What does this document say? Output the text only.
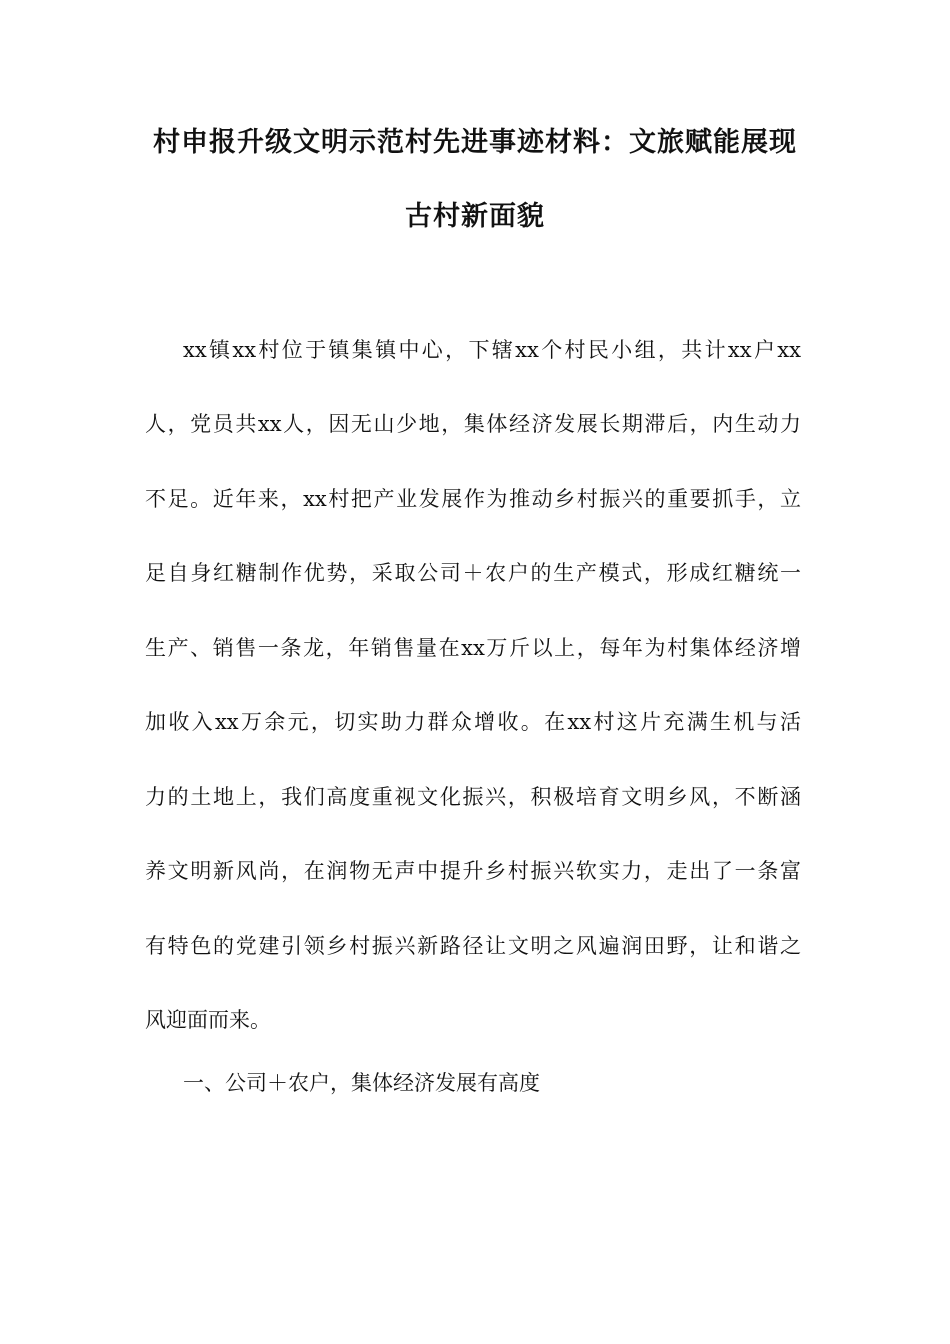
村申报升级文明示范村先进事迹材料：文旅赋能展现
古村新面貌
xx镇xx村位于镇集镇中心，下辖xx个村民小组，共计xx户xx
人，党员共xx人，因无山少地，集体经济发展长期滞后，内生动力
不足。近年来，xx村把产业发展作为推动乡村振兴的重要抓手，立
足自身红糖制作优势，采取公司＋农户的生产模式，形成红糖统一
生产、销售一条龙，年销售量在xx万斤以上，每年为村集体经济增
加收入xx万余元，切实助力群众增收。在xx村这片充满生机与活
力的土地上，我们高度重视文化振兴，积极培育文明乡风，不断涵
养文明新风尚，在润物无声中提升乡村振兴软实力，走出了一条富
有特色的党建引领乡村振兴新路径让文明之风遍润田野，让和谐之
风迎面而来。
一、公司＋农户，集体经济发展有高度
